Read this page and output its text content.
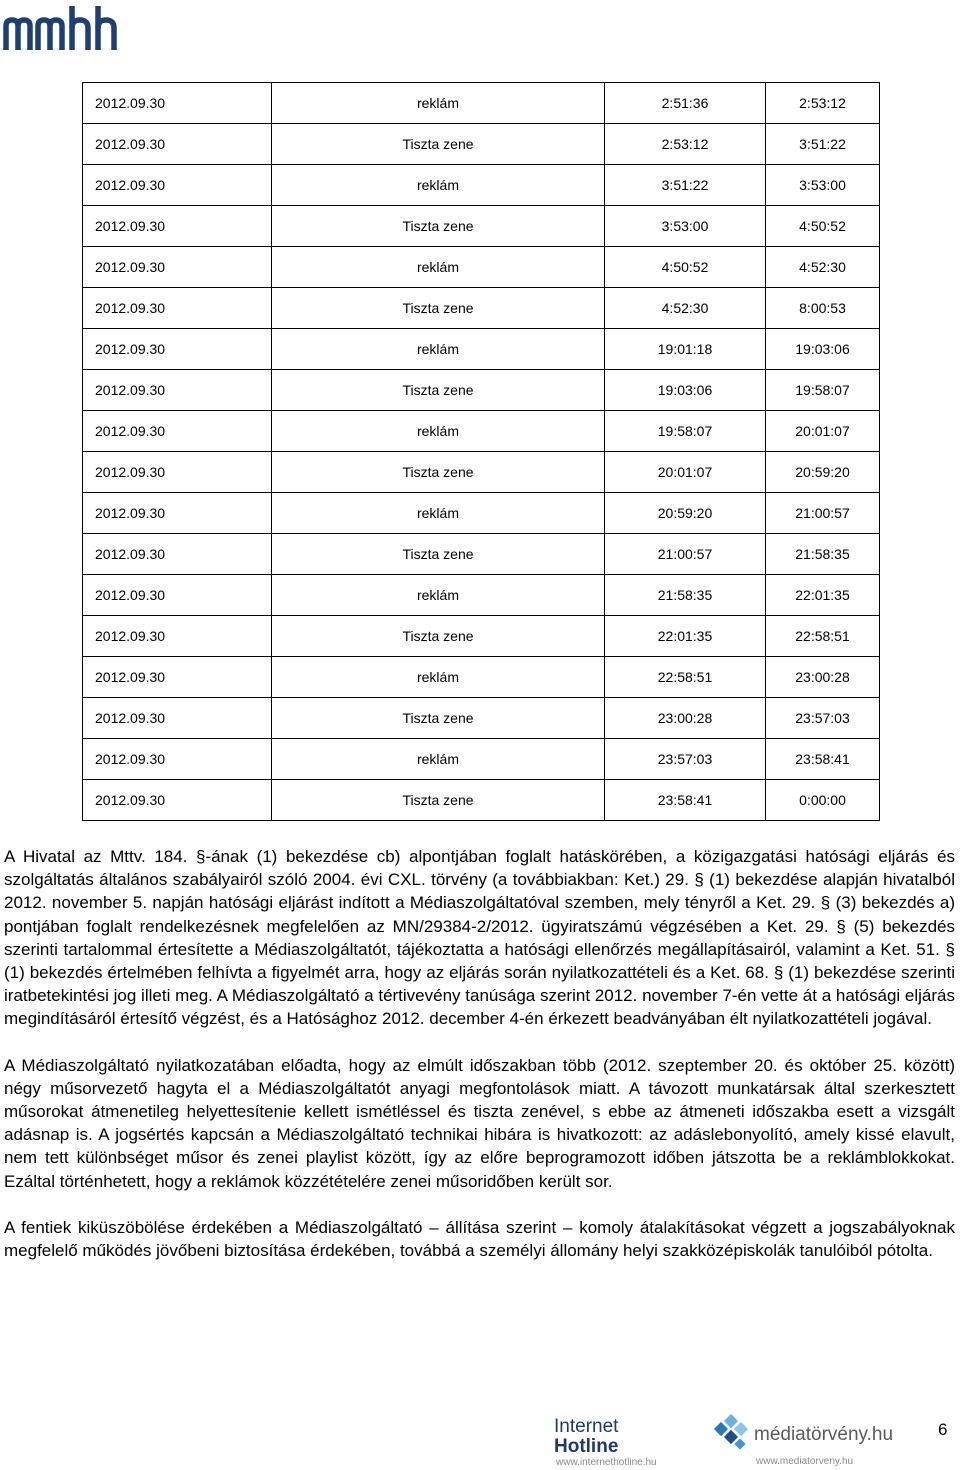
2012.09.30	reklám	2:51:36	2:53:12
2012.09.30	Tiszta zene	2:53:12	3:51:22
2012.09.30	reklám	3:51:22	3:53:00
2012.09.30	Tiszta zene	3:53:00	4:50:52
2012.09.30	reklám	4:50:52	4:52:30
2012.09.30	Tiszta zene	4:52:30	8:00:53
2012.09.30	reklám	19:01:18	19:03:06
2012.09.30	Tiszta zene	19:03:06	19:58:07
2012.09.30	reklám	19:58:07	20:01:07
2012.09.30	Tiszta zene	20:01:07	20:59:20
2012.09.30	reklám	20:59:20	21:00:57
2012.09.30	Tiszta zene	21:00:57	21:58:35
2012.09.30	reklám	21:58:35	22:01:35
2012.09.30	Tiszta zene	22:01:35	22:58:51
2012.09.30	reklám	22:58:51	23:00:28
2012.09.30	Tiszta zene	23:00:28	23:57:03
2012.09.30	reklám	23:57:03	23:58:41
2012.09.30	Tiszta zene	23:58:41	0:00:00

A Hivatal az Mttv. 184. §-ának (1) bekezdése cb) alpontjában foglalt hatáskörében, a közigazgatási hatósági eljárás és szolgáltatás általános szabályairól szóló 2004. évi CXL. törvény (a továbbiakban: Ket.) 29. § (1) bekezdése alapján hivatalból 2012. november 5. napján hatósági eljárást indított a Médiaszolgáltatóval szemben, mely tényről a Ket. 29. § (3) bekezdés a) pontjában foglalt rendelkezésnek megfelelően az MN/29384-2/2012. ügyiratszámú végzésében a Ket. 29. § (5) bekezdés szerinti tartalommal értesítette a Médiaszolgáltatót, tájékoztatta a hatósági ellenőrzés megállapításairól, valamint a Ket. 51. § (1) bekezdés értelmében felhívta a figyelmét arra, hogy az eljárás során nyilatkozattételi és a Ket. 68. § (1) bekezdése szerinti iratbetekintési jog illeti meg. A Médiaszolgáltató a tértivevény tanúsága szerint 2012. november 7-én vette át a hatósági eljárás megindításáról értesítő végzést, és a Hatósághoz 2012. december 4-én érkezett beadványában élt nyilatkozattételi jogával.

A Médiaszolgáltató nyilatkozatában előadta, hogy az elmúlt időszakban több (2012. szeptember 20. és október 25. között) négy műsorvezető hagyta el a Médiaszolgáltatót anyagi megfontolások miatt. A távozott munkatársak által szerkesztett műsorokat átmenetileg helyettesítenie kellett ismétléssel és tiszta zenével, s ebbe az átmeneti időszakba esett a vizsgált adásnap is. A jogsértés kapcsán a Médiaszolgáltató technikai hibára is hivatkozott: az adáslebonyolító, amely kissé elavult, nem tett különbséget műsor és zenei playlist között, így az előre beprogramozott időben játszotta be a reklámblokkokat. Ezáltal történhetett, hogy a reklámok közzétételére zenei műsoridőben került sor.

A fentiek kiküszöbölése érdekében a Médiaszolgáltató – állítása szerint – komoly átalakításokat végzett a jogszabályoknak megfelelő működés jövőbeni biztosítása érdekében, továbbá a személyi állomány helyi szakközépiskolák tanulóiból pótolta.

Internet
Hotline
www.internethotline.hu
médiatörvény.hu
www.mediatorveny.hu
6
